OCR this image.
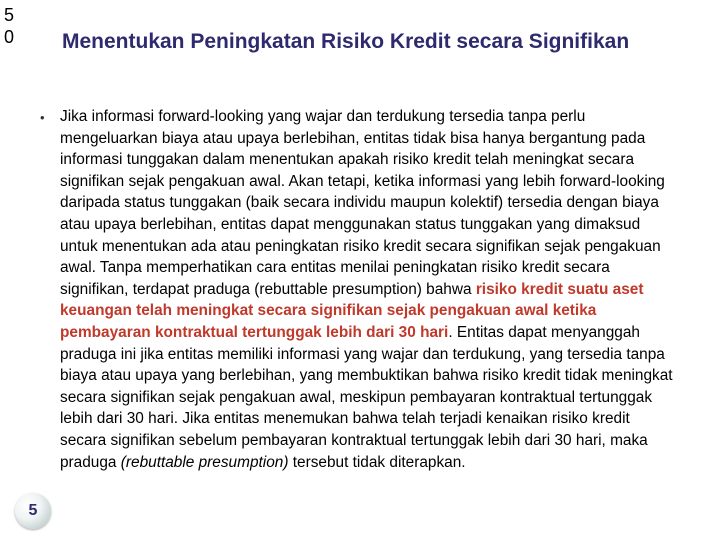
50 Menentukan Peningkatan Risiko Kredit secara Signifikan
• Jika informasi forward-looking yang wajar dan terdukung tersedia tanpa perlu mengeluarkan biaya atau upaya berlebihan, entitas tidak bisa hanya bergantung pada informasi tunggakan dalam menentukan apakah risiko kredit telah meningkat secara signifikan sejak pengakuan awal. Akan tetapi, ketika informasi yang lebih forward-looking daripada status tunggakan (baik secara individu maupun kolektif) tersedia dengan biaya atau upaya berlebihan, entitas dapat menggunakan status tunggakan yang dimaksud untuk menentukan ada atau peningkatan risiko kredit secara signifikan sejak pengakuan awal. Tanpa memperhatikan cara entitas menilai peningkatan risiko kredit secara signifikan, terdapat praduga (rebuttable presumption) bahwa risiko kredit suatu aset keuangan telah meningkat secara signifikan sejak pengakuan awal ketika pembayaran kontraktual tertunggak lebih dari 30 hari. Entitas dapat menyanggah praduga ini jika entitas memiliki informasi yang wajar dan terdukung, yang tersedia tanpa biaya atau upaya yang berlebihan, yang membuktikan bahwa risiko kredit tidak meningkat secara signifikan sejak pengakuan awal, meskipun pembayaran kontraktual tertunggak lebih dari 30 hari. Jika entitas menemukan bahwa telah terjadi kenaikan risiko kredit secara signifikan sebelum pembayaran kontraktual tertunggak lebih dari 30 hari, maka praduga (rebuttable presumption) tersebut tidak diterapkan.
5
